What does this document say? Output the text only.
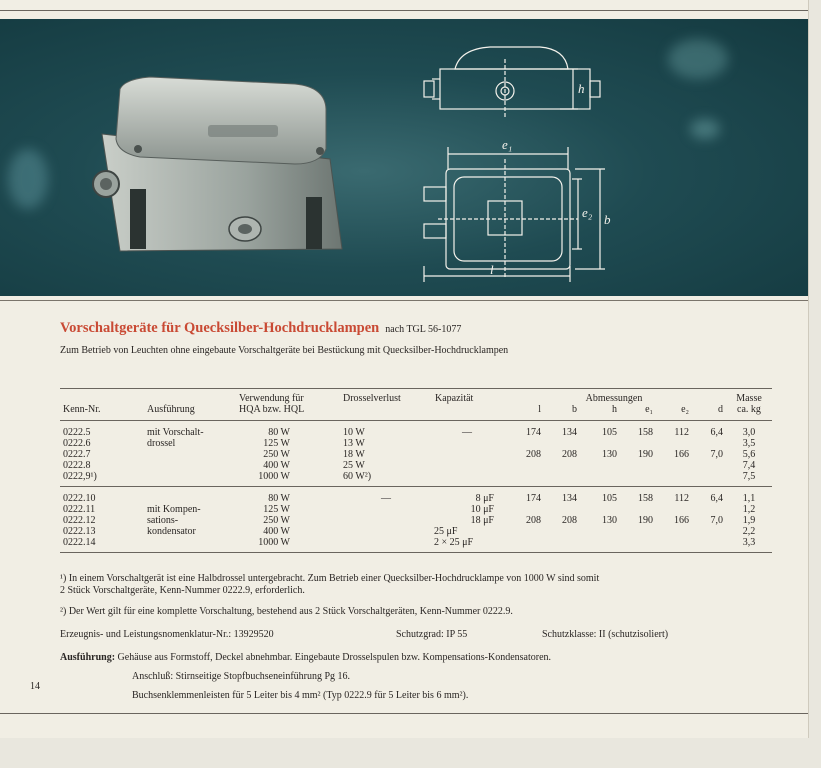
h
e₁
e₂ b
l
Vorschaltgeräte für Quecksilber-Hochdrucklampen nach TGL 56-1077
Zum Betrieb von Leuchten ohne eingebaute Vorschaltgeräte bei Bestückung mit Quecksilber-Hochdrucklampen
		Verwendung für	Drosselverlust	Kapazität	Abmessungen						Masse
Kenn-Nr.	Ausführung	HQA bzw. HQL			l	b	h	e₁	e₂	d	ca. kg
0222.5	mit Vorschalt-	80 W	10 W	—	174	134	105	158	112	6,4	3,0
0222.6	drossel	125 W	13 W								3,5
0222.7		250 W	18 W		208	208	130	190	166	7,0	5,6
0222.8		400 W	25 W								7,4
0222,9¹)		1000 W	60 W²)								7,5
0222.10		80 W	—	8 μF	174	134	105	158	112	6,4	1,1
0222.11	mit Kompen-	125 W		10 μF							1,2
0222.12	sations-	250 W		18 μF	208	208	130	190	166	7,0	1,9
0222.13	kondensator	400 W		25 μF							2,2
0222.14		1000 W		2 × 25 μF							3,3
¹) In einem Vorschaltgerät ist eine Halbdrossel untergebracht. Zum Betrieb einer Quecksilber-Hochdrucklampe von 1000 W sind somit
2 Stück Vorschaltgeräte, Kenn-Nummer 0222.9, erforderlich.
²) Der Wert gilt für eine komplette Vorschaltung, bestehend aus 2 Stück Vorschaltgeräten, Kenn-Nummer 0222.9.
Erzeugnis- und Leistungsnomenklatur-Nr.: 13929520	Schutzgrad: IP 55	Schutzklasse: II (schutzisoliert)
Ausführung: Gehäuse aus Formstoff, Deckel abnehmbar. Eingebaute Drosselspulen bzw. Kompensations-Kondensatoren.
Anschluß: Stirnseitige Stopfbuchseneinführung Pg 16.
Buchsenklemmenleisten für 5 Leiter bis 4 mm² (Typ 0222.9 für 5 Leiter bis 6 mm²).
14
